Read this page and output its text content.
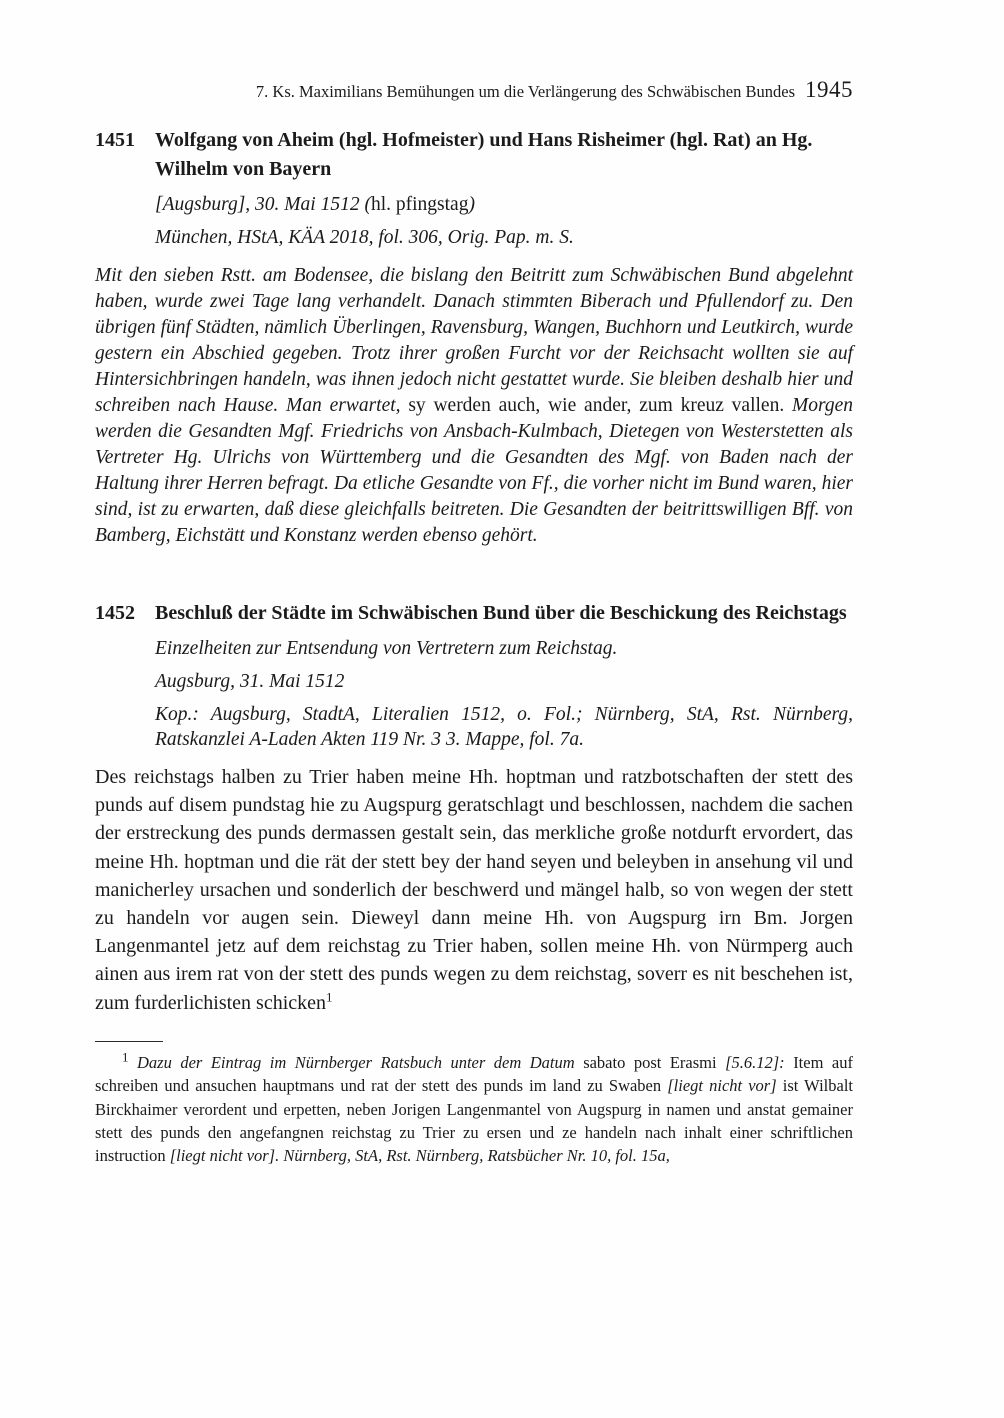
7. Ks. Maximilians Bemühungen um die Verlängerung des Schwäbischen Bundes 1945
1451	Wolfgang von Aheim (hgl. Hofmeister) und Hans Risheimer (hgl. Rat) an Hg. Wilhelm von Bayern

[Augsburg], 30. Mai 1512 (hl. pfingstag)

München, HStA, KÄA 2018, fol. 306, Orig. Pap. m. S.

Mit den sieben Rstt. am Bodensee, die bislang den Beitritt zum Schwäbischen Bund abgelehnt haben, wurde zwei Tage lang verhandelt. Danach stimmten Biberach und Pfullendorf zu. Den übrigen fünf Städten, nämlich Überlingen, Ravensburg, Wangen, Buchhorn und Leutkirch, wurde gestern ein Abschied gegeben. Trotz ihrer großen Furcht vor der Reichsacht wollten sie auf Hintersichbringen handeln, was ihnen jedoch nicht gestattet wurde. Sie bleiben deshalb hier und schreiben nach Hause. Man erwartet, sy werden auch, wie ander, zum kreuz vallen. Morgen werden die Gesandten Mgf. Friedrichs von Ansbach-Kulmbach, Dietegen von Westerstetten als Vertreter Hg. Ulrichs von Württemberg und die Gesandten des Mgf. von Baden nach der Haltung ihrer Herren befragt. Da etliche Gesandte von Ff., die vorher nicht im Bund waren, hier sind, ist zu erwarten, daß diese gleichfalls beitreten. Die Gesandten der beitrittswilligen Bff. von Bamberg, Eichstätt und Konstanz werden ebenso gehört.

1452	Beschluß der Städte im Schwäbischen Bund über die Beschickung des Reichstags

Einzelheiten zur Entsendung von Vertretern zum Reichstag.

Augsburg, 31. Mai 1512

Kop.: Augsburg, StadtA, Literalien 1512, o. Fol.; Nürnberg, StA, Rst. Nürnberg, Ratskanzlei A-Laden Akten 119 Nr. 3 3. Mappe, fol. 7a.

Des reichstags halben zu Trier haben meine Hh. hoptman und ratzbotschaften der stett des punds auf disem pundstag hie zu Augspurg geratschlagt und beschlossen, nachdem die sachen der erstreckung des punds dermassen gestalt sein, das merkliche große notdurft ervordert, das meine Hh. hoptman und die rät der stett bey der hand seyen und beleyben in ansehung vil und manicherley ursachen und sonderlich der beschwerd und mängel halb, so von wegen der stett zu handeln vor augen sein. Dieweyl dann meine Hh. von Augspurg irn Bm. Jorgen Langenmantel jetz auf dem reichstag zu Trier haben, sollen meine Hh. von Nürmperg auch ainen aus irem rat von der stett des punds wegen zu dem reichstag, soverr es nit beschehen ist, zum furderlichisten schicken$^1$

$^1$ Dazu der Eintrag im Nürnberger Ratsbuch unter dem Datum sabato post Erasmi [5.6.12]: Item auf schreiben und ansuchen hauptmans und rat der stett des punds im land zu Swaben [liegt nicht vor] ist Wilbalt Birckhaimer verordent und erpetten, neben Jorigen Langenmantel von Augspurg in namen und anstat gemainer stett des punds den angefangnen reichstag zu Trier zu ersen und ze handeln nach inhalt einer schriftlichen instruction [liegt nicht vor]. Nürnberg, StA, Rst. Nürnberg, Ratsbücher Nr. 10, fol. 15a,
